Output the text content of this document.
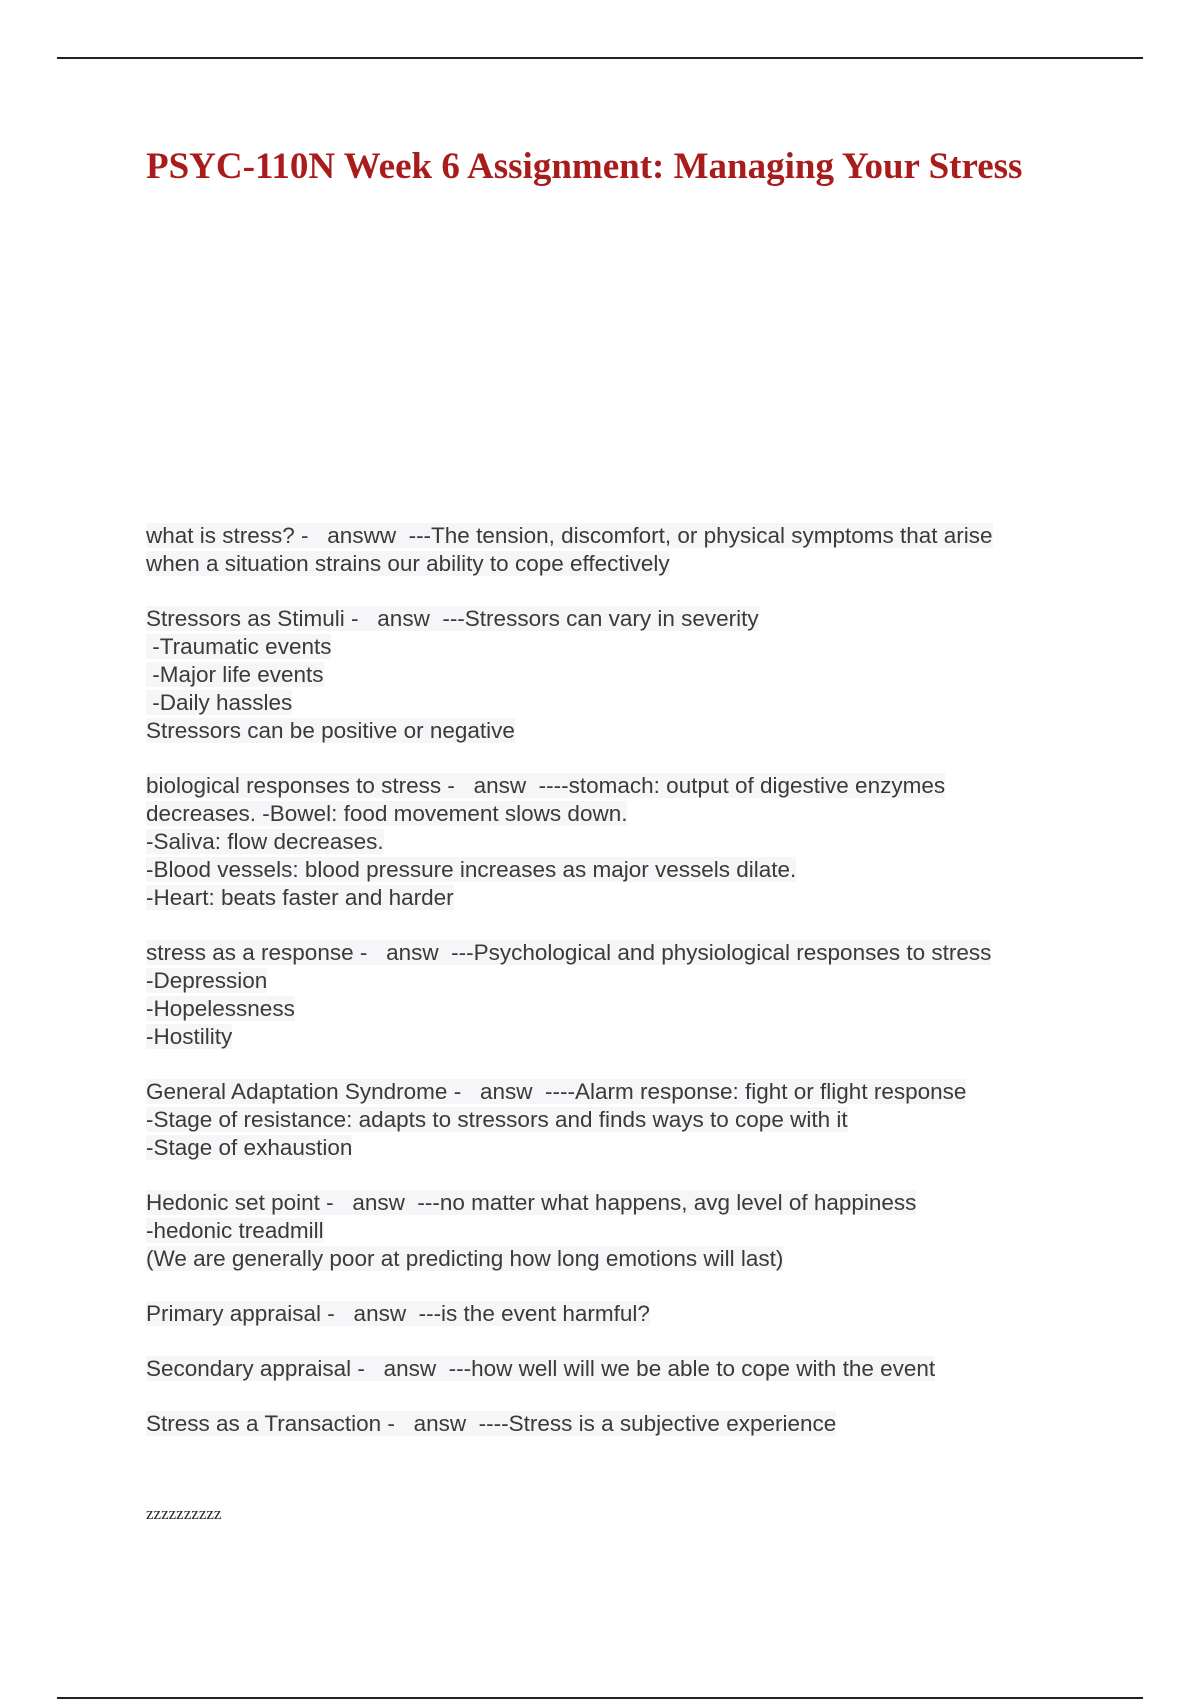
PSYC-110N Week 6 Assignment: Managing Your Stress
what is stress? -   answw  ---The tension, discomfort, or physical symptoms that arise
when a situation strains our ability to cope effectively
Stressors as Stimuli -   answ  ---Stressors can vary in severity
-Traumatic events
-Major life events
-Daily hassles
Stressors can be positive or negative
biological responses to stress -   answ  ----stomach: output of digestive enzymes
decreases. -Bowel: food movement slows down.
-Saliva: flow decreases.
-Blood vessels: blood pressure increases as major vessels dilate.
-Heart: beats faster and harder
stress as a response -   answ  ---Psychological and physiological responses to stress
-Depression
-Hopelessness
-Hostility
General Adaptation Syndrome -   answ  ----Alarm response: fight or flight response
-Stage of resistance: adapts to stressors and finds ways to cope with it
-Stage of exhaustion
Hedonic set point -   answ  ---no matter what happens, avg level of happiness
-hedonic treadmill
(We are generally poor at predicting how long emotions will last)
Primary appraisal -   answ  ---is the event harmful?
Secondary appraisal -   answ  ---how well will we be able to cope with the event
Stress as a Transaction -   answ  ----Stress is a subjective experience
zzzzzzzzzz
